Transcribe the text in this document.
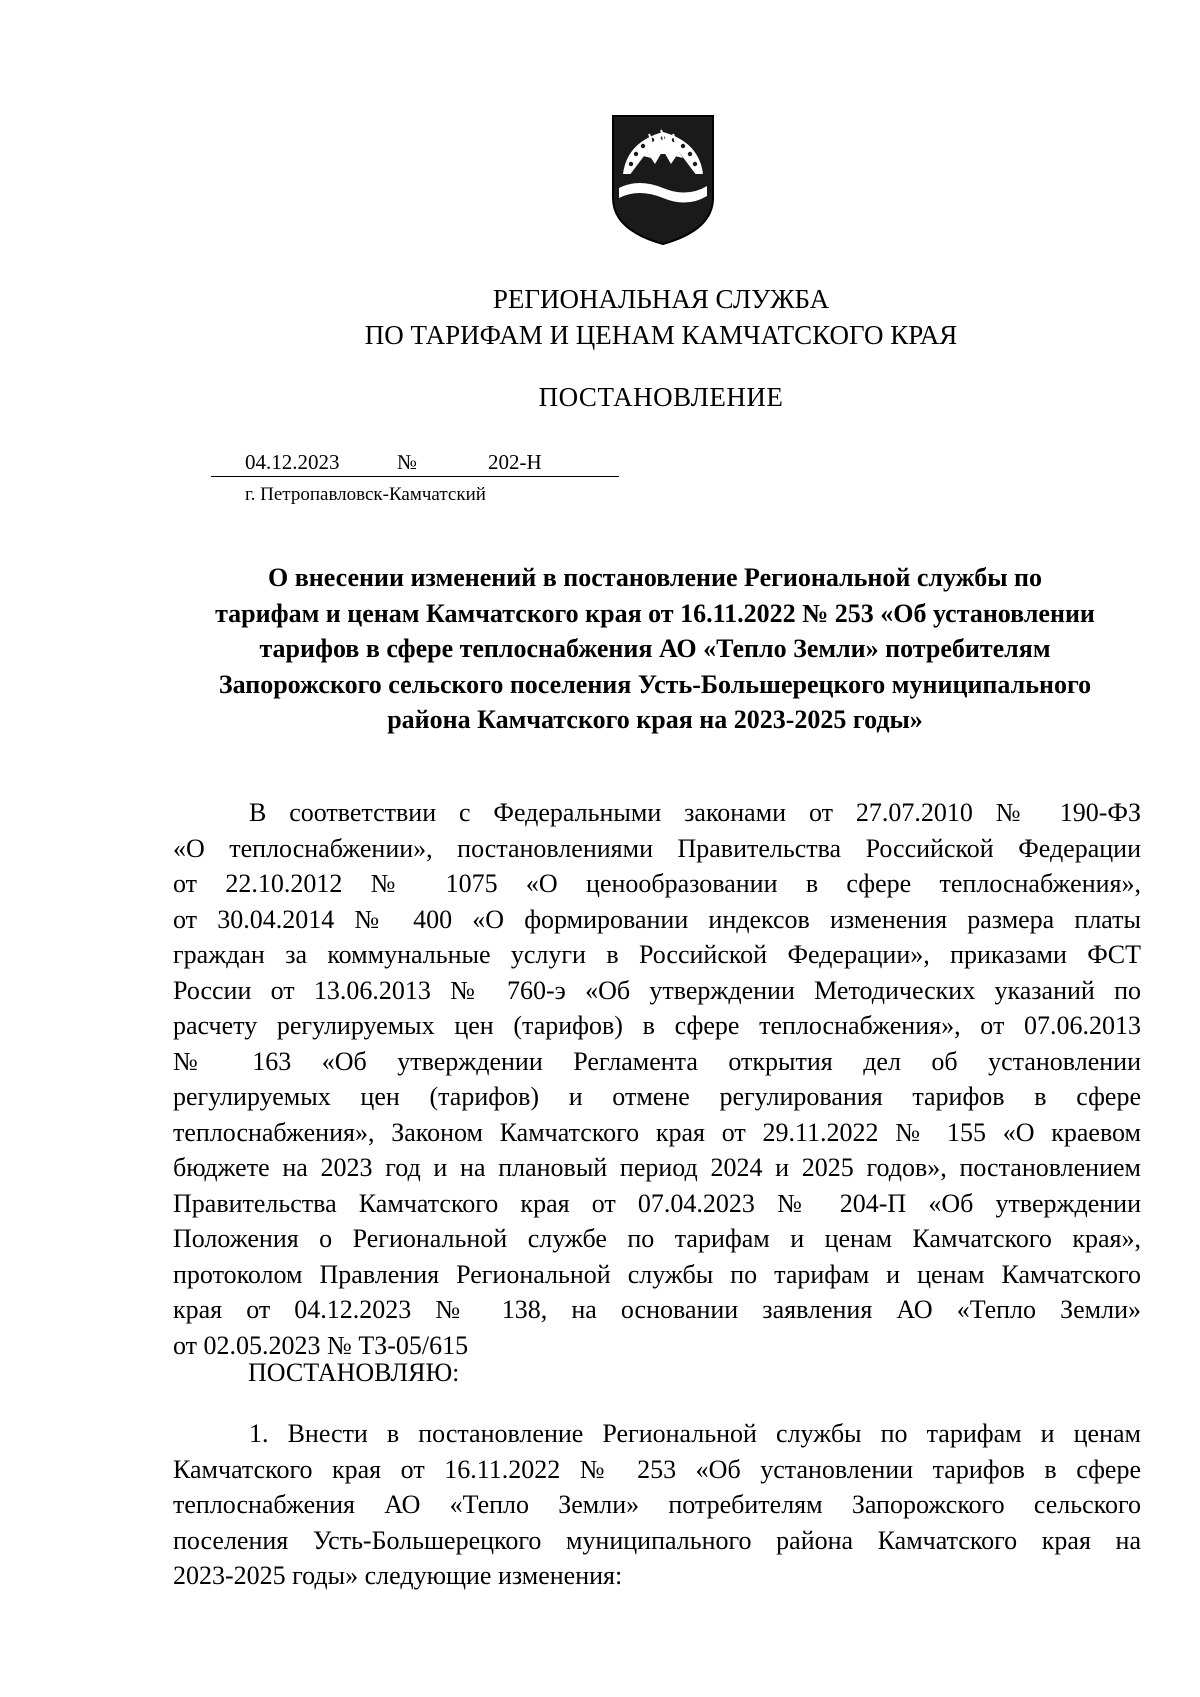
РЕГИОНАЛЬНАЯ СЛУЖБА
ПО ТАРИФАМ И ЦЕНАМ КАМЧАТСКОГО КРАЯ
ПОСТАНОВЛЕНИЕ
04.12.2023	№	202-Н
г. Петропавловск-Камчатский
О внесении изменений в постановление Региональной службы по
тарифам и ценам Камчатского края от 16.11.2022 № 253 «Об установлении
тарифов в сфере теплоснабжения АО «Тепло Земли» потребителям
Запорожского сельского поселения Усть-Большерецкого муниципального
района Камчатского края на 2023-2025 годы»
В соответствии с Федеральными законами от 27.07.2010 № 190-ФЗ
«О теплоснабжении», постановлениями Правительства Российской Федерации
от 22.10.2012 № 1075 «О ценообразовании в сфере теплоснабжения»,
от 30.04.2014 № 400 «О формировании индексов изменения размера платы
граждан за коммунальные услуги в Российской Федерации», приказами ФСТ
России от 13.06.2013 № 760-э «Об утверждении Методических указаний по
расчету регулируемых цен (тарифов) в сфере теплоснабжения», от 07.06.2013
№ 163 «Об утверждении Регламента открытия дел об установлении
регулируемых цен (тарифов) и отмене регулирования тарифов в сфере
теплоснабжения», Законом Камчатского края от 29.11.2022 № 155 «О краевом
бюджете на 2023 год и на плановый период 2024 и 2025 годов», постановлением
Правительства Камчатского края от 07.04.2023 № 204-П «Об утверждении
Положения о Региональной службе по тарифам и ценам Камчатского края»,
протоколом Правления Региональной службы по тарифам и ценам Камчатского
края от 04.12.2023 № 138, на основании заявления АО «Тепло Земли»
от 02.05.2023 № ТЗ-05/615
ПОСТАНОВЛЯЮ:
1. Внести в постановление Региональной службы по тарифам и ценам
Камчатского края от 16.11.2022 № 253 «Об установлении тарифов в сфере
теплоснабжения АО «Тепло Земли» потребителям Запорожского сельского
поселения Усть-Большерецкого муниципального района Камчатского края на
2023-2025 годы» следующие изменения:
